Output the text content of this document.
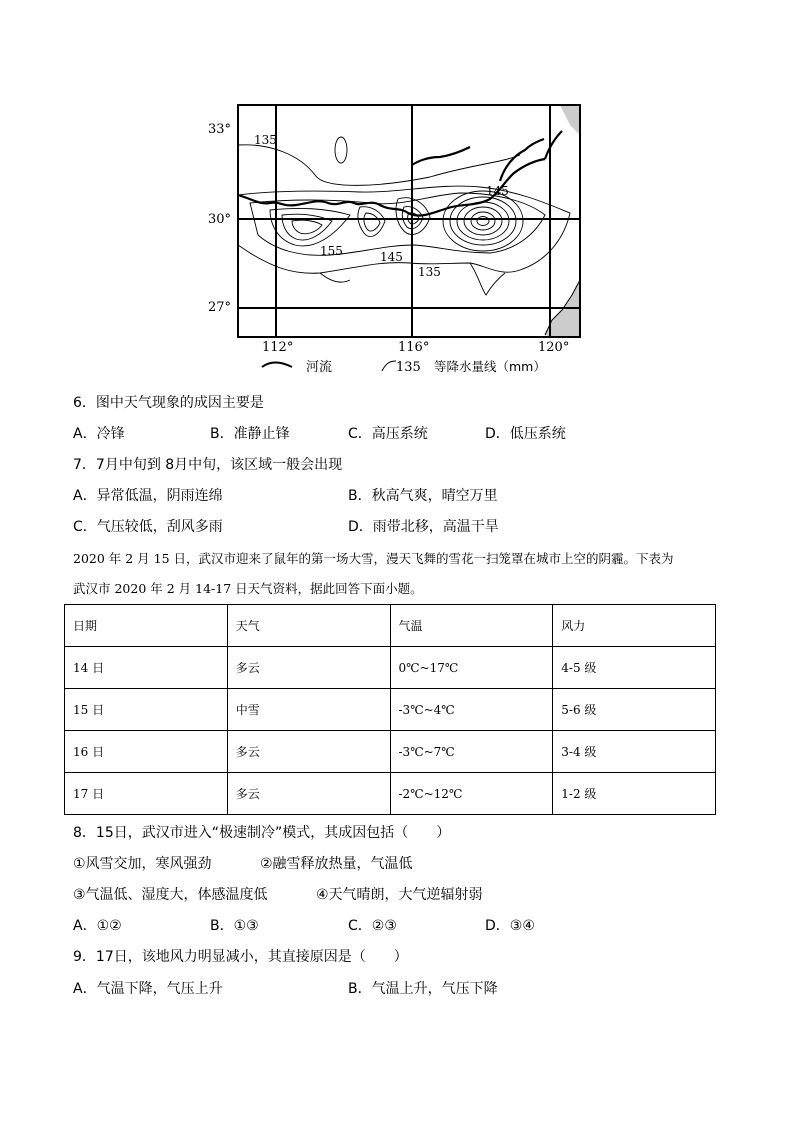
33°
30°
27°
112°	116°	120°
135
145
155	145
135
河流	135 等降水量线（mm）
6．图中天气现象的成因主要是
A．冷锋	B．准静止锋	C．高压系统	D．低压系统
7．7月中旬到 8月中旬，该区域一般会出现
A．异常低温，阴雨连绵	B．秋高气爽，晴空万里
C．气压较低，刮风多雨	D．雨带北移，高温干旱
2020 年 2 月 15 日，武汉市迎来了鼠年的第一场大雪，漫天飞舞的雪花一扫笼罩在城市上空的阴霾。下表为
武汉市 2020 年 2 月 14-17 日天气资料，据此回答下面小题。
日期	天气	气温	风力
14 日	多云	0℃~17℃	4-5 级
15 日	中雪	-3℃~4℃	5-6 级
16 日	多云	-3℃~7℃	3-4 级
17 日	多云	-2℃~12℃	1-2 级
8．15日，武汉市进入“极速制冷”模式，其成因包括（　　）
①风雪交加，寒风强劲	②融雪释放热量，气温低
③气温低、湿度大，体感温度低	④天气晴朗，大气逆辐射弱
A．①②	B．①③	C．②③	D．③④
9．17日，该地风力明显减小，其直接原因是（　　）
A．气温下降，气压上升	B．气温上升，气压下降
